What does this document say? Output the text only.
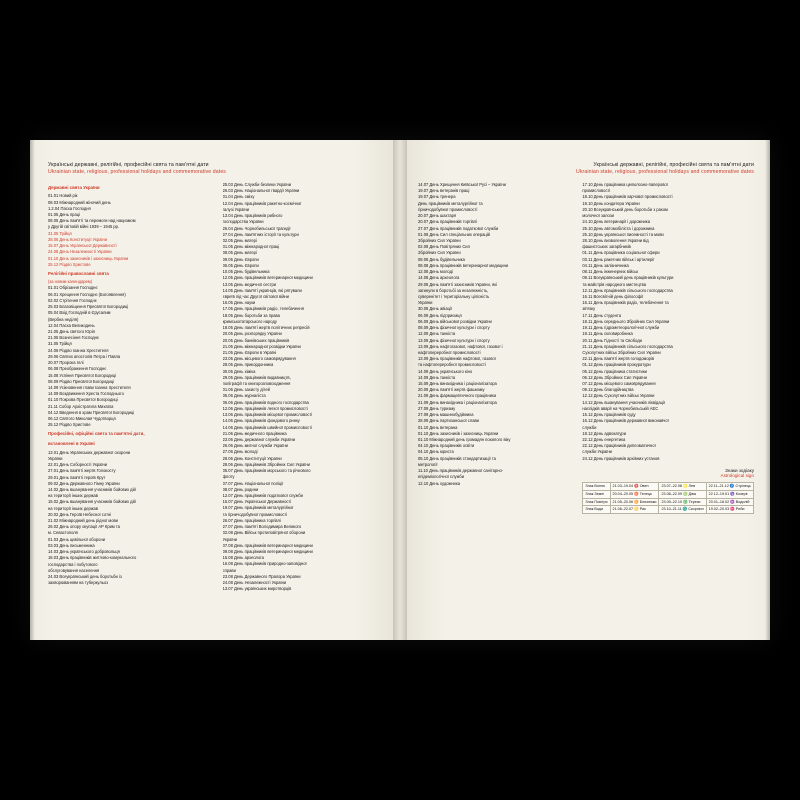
Українські державні, релігійні, професійні свята та пам'ятні дати
Ukrainian state, religious, professional holidays and commemorative dates
Державні свята України
01.01 Новий рік
08.03 Міжнародний жіночий день
1.2.04 Пасха Господня
01.05 День праці
08.05 День пам'яті та перемоги над нацизмом
у Другій світовій війні 1939 – 1945 рр.
31.05 Трійця
28.06 День Конституції України
15.07 День Української Державності
24.08 День Незалежності України
01.10 День захисників і захисниць України
25.12 Різдво Христове
Релігійні православні свята
(за новим календарем)
01.01 Обрізання Господнє
06.01 Хрещення Господнє (Богоявлення)
02.02 Стрітення Господнє
25.03 Благовіщення Пресвятої Богородиці
05.04 Вхід Господній в Єрусалим
(Вербна неділя)
12.04 Пасха Великодень
21.05 День святого Юрія
21.05 Вознесіння Господнє
31.05 Трійця
24.06 Різдво Іоанна Хрестителя
29.06 Святих апостолів Петра і Павла
20.07 Пророка Іллі
06.08 Преображення Господнє
15.08 Успіння Пресвятої Богородиці
08.09 Різдво Пресвятої Богородиці
14.09 Усікновення глави Іоанна Хрестителя
14.09 Воздвиження Хреста Господнього
01.10 Покрова Пресвятої Богородиці
21.11 Собор Архістратига Михаїла
04.12 Введення в храм Пресвятої Богородиці
06.12 Святого Миколая Чудотворця
25.12 Різдво Христове
Професійні, офіційні свята та пам'ятні дати,
встановлені в Україні
13.01 День Українських державної охорони
України
22.01 День Соборності України
27.01 День пам'яті жертв Голокосту
29.01 День пам'яті героїв Крут
09.02 День Державного Гімну України
14.02 День вшанування учасників бойових дій
на території інших держав
15.02 День вшанування учасників бойових дій
на території інших держав
20.02 День Героїв Небесної сотні
21.02 Міжнародний день рідної мови
26.02 День опору окупації АР Крим та
м. Севастополя
01.03 День цивільної оборони
03.03 День письменника
14.03 День українського добровольця
18.03 День працівників житлово-комунального
господарства і побутового
обслуговування населення
24.03 Всеукраїнський день боротьби із
захворюванням на туберкульоз
25.03 День Служби безпеки України
26.03 День Національної гвардії України
01.04 День сміху
12.04 День працівників ракетно-космічної
галузі України
13.04 День працівників рибного
господарства України
26.04 День Чорнобильської трагедії
27.04 День пам'ятних історії та культури
02.05 День матері
01.05 День міжнародної праці
08.05 День матері
09.05 День Європи
06.05 День Європи
10.05 День будівельника
12.05 День працівників ветеринарної медицини
13.05 День медичної сестри
14.05 День пам'яті українців, які рятували
євреїв під час Другої світової війни
16.05 День науки
17.05 День працівників радіо, телебачення
18.05 День боротьби за права
кримськотатарського народу
18.05 День пам'яті жертв політичних репресій
20.05 День розпорядку України
20.05 День банківських працівників
21.05 День міжнародної розвідки України
21.05 День Європи в Україні
23.05 День місцевого самоврядування
28.05 День прикордонника
30.05 День хіміка
29.05 День працівників видавництв,
поліграфії та книгорозповсюдження
01.06 День захисту дітей
05.06 День журналіста
06.06 День працівників водного господарства
12.06 День працівників легкої промисловості
13.06 День працівників місцевої промисловості
14.06 День працівників фондового ринку
14.06 День працівників швейної промисловості
21.06 День медичного працівника
23.06 День державної служби України
26.06 День митної служби України
27.06 День молоді
28.06 День Конституції України
28.06 День працівників Збройних Сил України
05.07 День працівників морського та річкового
флоту
07.07 День Національної поліції
08.07 День родини
12.07 День працівників податкової служби
15.07 День Української Державності
19.07 День працівників металургійної
та гірничодобувної промисловості
26.07 День працівника торгівлі
27.07 День пам'яті Володимира Великого
02.08 День Військ протиповітряної оборони
України
07.08 День працівників ветеринарної медицини
09.08 День працівників ветеринарної медицини
15.08 День археолога
16.08 День працівників природно-заповідної
справи
23.08 День Державного Прапора України
24.08 День Незалежності України
13.07 День українських миротворців
Українські державні, релігійні, професійні свята та пам'ятні дати
Ukrainian state, religious, professional holidays and commemorative dates
14.07 День Хрещення Київської Русі – України
19.07 День ветеранів праці
19.07 День тренера
День працівників металургійної та
гірничодобувної промисловості
20.07 День шахтаря
20.07 День працівників торгівлі
27.07 День працівників податкової служби
01.08 День Сил спеціальних операцій
Збройних Сил України
02.08 День Повітряних Сил
Збройних Сил України
08.08 День будівельника
08.08 День працівників ветеринарної медицини
12.08 День молоді
14.08 День археолога
29.08 День пам'яті захисників України, які
загинули в боротьбі за незалежність,
суверенітет і територіальну цілісність
України
30.08 День авіації
06.09 День підприємця
06.09 День військової розвідки України
08.09 День фізичної культури і спорту
12.09 День танкіста
13.09 День фізичної культури і спорту
13.09 День нафтогазової, нафтової, газової і
нафтопереробної промисловості
13.09 День працівників нафтової, газової
та нафтопереробної промисловості
14.09 День українського кіно
14.09 День танкіста
15.09 День винахідника і раціоналізатора
20.09 День пам'яті жертв фашизму
21.09 День фармацевтичного працівника
21.09 День винахідника і раціоналізатора
27.09 День туризму
27.09 День машинобудівника
28.09 День партизанської слави
01.10 День ветерана
01.10 День захисників і захисниць України
01.10 Міжнародний день громадян похилого віку
04.10 День працівників освіти
04.10 День юриста
05.10 День працівників стандартизації та
метрології
11.10 День працівників державної санітарно-
епідеміологічної служби
12.10 День художника
17.10 День працівника целюлозно-паперової
промисловості
18.10 День працівників харчової промисловості
19.10 День кондитера України
20.10 Всеукраїнський день боротьби з раком
молочної залози
24.10 День ветеринарії і дорожника
25.10 День автомобіліста і дорожника
25.10 День української писемності та мови
28.10 День визволення України від
фашистських загарбників
01.11 День працівника соціальної сфери
03.11 День ракетних військ і артилерії
04.11 День залізничника
08.11 День інженерних військ
09.11 Всеукраїнський день працівників культури
та майстрів народного мистецтва
12.11 День працівників сільського господарства
16.11 Всесвітній день філософії
16.11 День працівників радіо, телебачення та
зв'язку
17.11 День студента
18.11 День середнього Збройних Сил України
19.11 День гідрометеорологічної служби
19.11 День скловиробника
20.11 День Гідності та Свободи
21.11 День працівників сільського господарства
Сухопутних військ Збройних Сил України
22.11 День пам'яті жертв голодоморів
01.12 День працівників прокуратури
05.12 День працівника статистики
06.12 День Збройних Сил України
07.12 День місцевого самоврядування
09.12 День благодійництва
12.12 День Сухопутних військ України
14.12 День вшанування учасників ліквідації
наслідків аварії на Чорнобильській АЕС
15.12 День працівників суду
16.12 День працівників державної виконавчої
служби
18.12 День адвокатури
22.12 День енергетика
22.12 День працівників дипломатичної
служби України
24.12 День працівників архівних установ
Знаки зодіаку
Astrological sign
Знак Вогню	21.03–19.04 ♈ Овен	23.07–22.08 ♌ Лев	22.11–21.12 ♐ Стрілець
Знак Землі	20.04–20.05 ♉ Телець	23.08–22.09 ♍ Діва	22.12–19.01 ♑ Козеріг
Знак Повітря	21.05–20.06 ♊ Близнюки	23.09–22.10 ♎ Терези	20.01–18.02 ♒ Водолій
Знак Води	21.06–22.07 ♋ Рак	23.10–21.11 ♏ Скорпіон	19.02–20.03 ♓ Риби
